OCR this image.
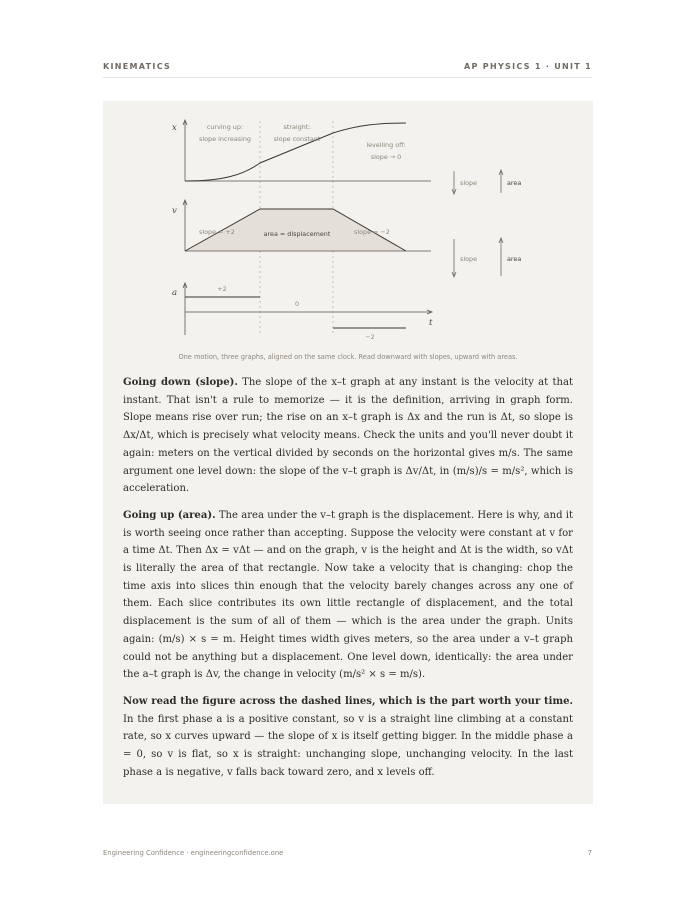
KINEMATICS	AP PHYSICS 1 · UNIT 1
x	curving up:
slope increasing
straight:
slope constant
levelling off:
slope → 0
slope	area
v
slope = +2	area = displacement	slope = −2
slope	area
a
t
+2
0
−2
One motion, three graphs, aligned on the same clock. Read downward with slopes, upward with areas.

Going down (slope). The slope of the x–t graph at any instant is the velocity at that instant. That isn't a rule to memorize — it is the definition, arriving in graph form. Slope means rise over run; the rise on an x–t graph is Δx and the run is Δt, so slope is Δx/Δt, which is precisely what velocity means. Check the units and you'll never doubt it again: meters on the vertical divided by seconds on the horizontal gives m/s. The same argument one level down: the slope of the v–t graph is Δv/Δt, in (m/s)/s = m/s², which is acceleration.

Going up (area). The area under the v–t graph is the displacement. Here is why, and it is worth seeing once rather than accepting. Suppose the velocity were constant at v for a time Δt. Then Δx = vΔt — and on the graph, v is the height and Δt is the width, so vΔt is literally the area of that rectangle. Now take a velocity that is changing: chop the time axis into slices thin enough that the velocity barely changes across any one of them. Each slice contributes its own little rectangle of displacement, and the total displacement is the sum of all of them — which is the area under the graph. Units again: (m/s) × s = m. Height times width gives meters, so the area under a v–t graph could not be anything but a displacement. One level down, identically: the area under the a–t graph is Δv, the change in velocity (m/s² × s = m/s).

Now read the figure across the dashed lines, which is the part worth your time. In the first phase a is a positive constant, so v is a straight line climbing at a constant rate, so x curves upward — the slope of x is itself getting bigger. In the middle phase a = 0, so v is flat, so x is straight: unchanging slope, unchanging velocity. In the last phase a is negative, v falls back toward zero, and x levels off.

Engineering Confidence · engineeringconfidence.one	7
